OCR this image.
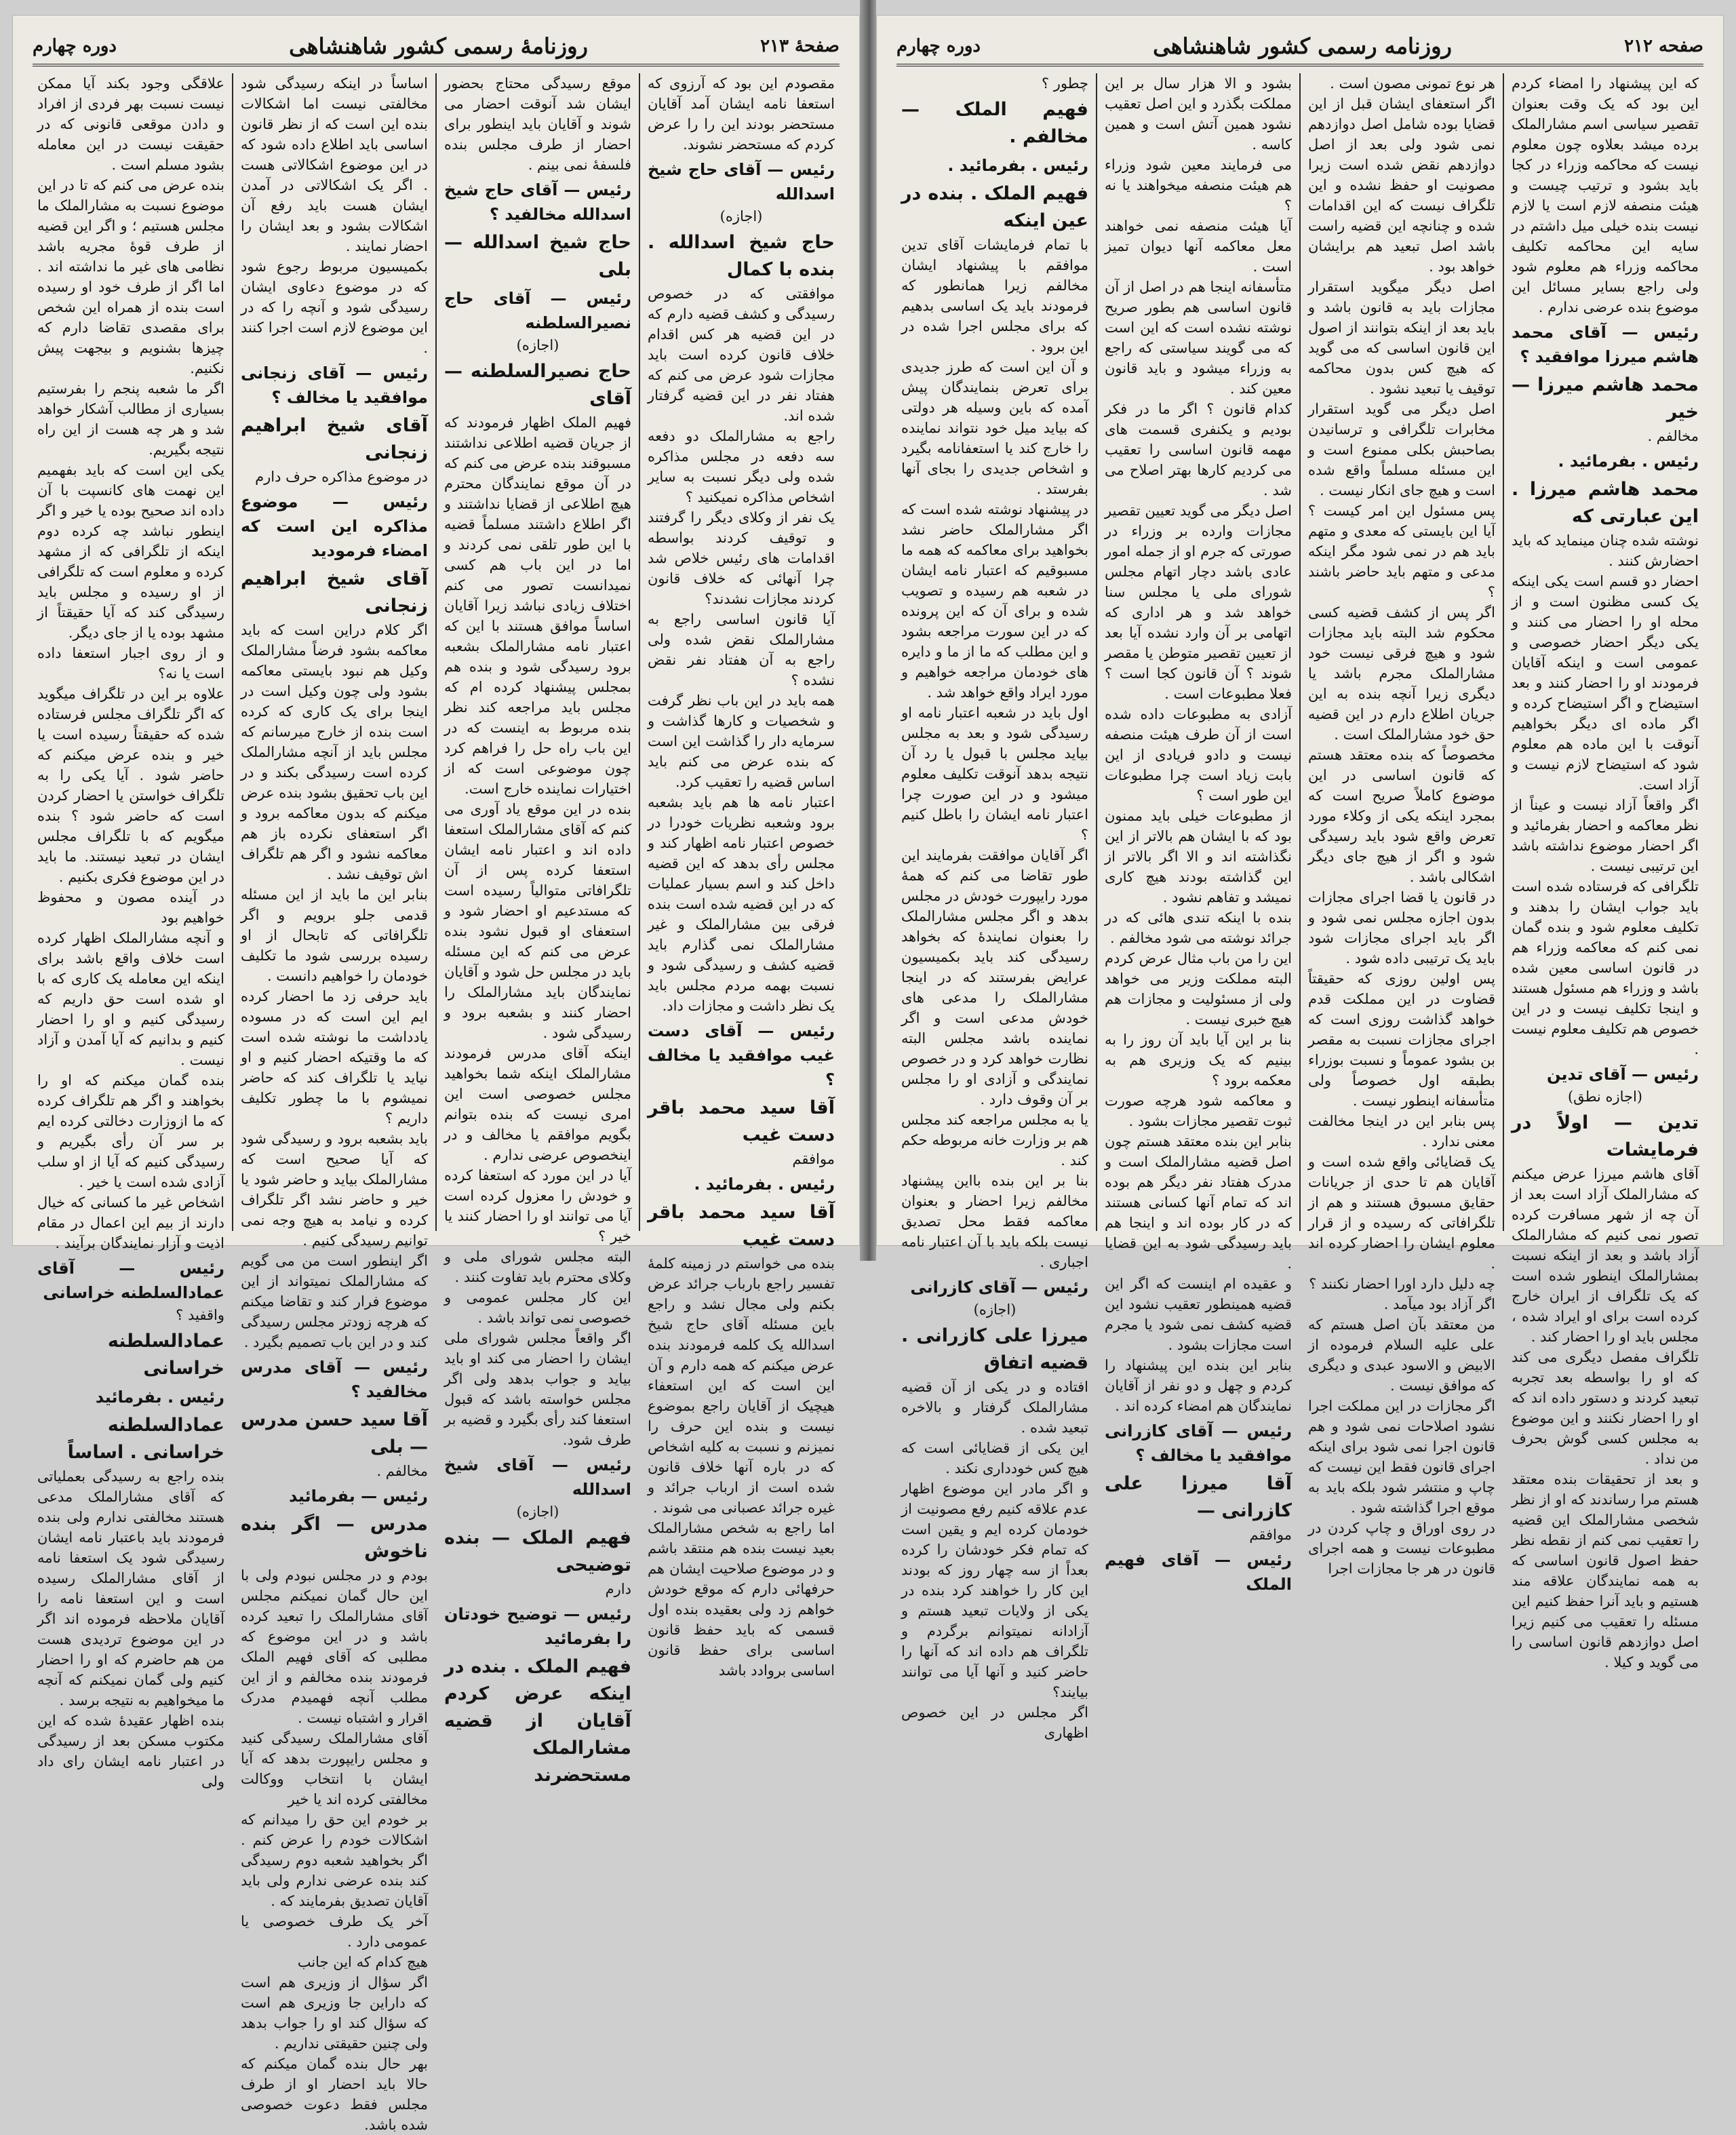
صفحهٔ ۲۱۳
روزنامهٔ رسمی کشور شاهنشاهی
دوره چهارم

مقصودم این بود که آرزوی که استعفا نامه ایشان آمد آقایان مستحضر بودند این را را عرض کردم که مستحضر نشوند.

رئیس — آقای حاج شیخ اسدالله
(اجازه)
حاج شیخ اسدالله . بنده با کمال

موافقتی که در خصوص رسیدگی و کشف قضیه دارم که در این قضیه هر کس اقدام خلاف قانون کرده است باید مجازات شود عرض می کنم که هفتاد نفر در این قضیه گرفتار شده اند.

راجع به مشارالملک دو دفعه سه دفعه در مجلس مذاکره شده ولی دیگر نسبت به سایر اشخاص مذاکره نمیکنید ؟

یک نفر از وکلای دیگر را گرفتند و توقیف کردند بواسطه اقدامات های رئیس خلاص شد چرا آنهائی که خلاف قانون کردند مجازات نشدند؟

آیا قانون اساسی راجع به مشارالملک نقض شده ولی راجع به آن هفتاد نفر نقض نشده ؟

همه باید در این باب نظر گرفت و شخصیات و کارها گذاشت و سرمایه دار را گذاشت این است که بنده عرض می کنم باید اساس قضیه را تعقیب کرد.

اعتبار نامه ها هم باید بشعبه برود وشعبه نظریات خودرا در خصوص اعتبار نامه اظهار کند و مجلس رأی بدهد که این قضیه داخل کند و اسم بسیار عملیات که در این قضیه شده است بنده فرقی بین مشارالملک و غیر مشارالملک نمی گذارم باید قضیه کشف و رسیدگی شود و نسبت بهمه مردم مجلس باید یک نظر داشت و مجازات داد.

رئیس — آقای دست غیب موافقید یا مخالف ؟
آقا سید محمد باقر دست غیب

موافقم

رئیس . بفرمائید .
آقا سید محمد باقر دست غیب

بنده می خواستم در زمینه کلمهٔ تفسیر راجع بارباب جرائد عرض بکنم ولی مجال نشد و راجع باین مسئله آقای حاج شیخ اسدالله یک کلمه فرمودند بنده عرض میکنم که همه دارم و آن این است که این استعفاء هیچیک از آقایان راجع بموضوع نیست و بنده این حرف را نمیزنم و نسبت به کلیه اشخاص که در باره آنها خلاف قانون شده است از ارباب جرائد و غیره جرائد عصبانی می شوند .

اما راجع به شخص مشارالملک بعید نیست بنده هم منتقد باشم و در موضوع صلاحیت ایشان هم حرفهائی دارم که موقع خودش خواهم زد ولی بعقیده بنده اول قسمی که باید حفظ قانون اساسی برای حفظ قانون اساسی بروادد باشد

موقع رسیدگی محتاج بحضور ایشان شد آنوقت احضار می شوند و آقایان باید اینطور برای احضار از طرف مجلس بنده فلسفهٔ نمی بینم .

رئیس — آقای حاج شیخ اسدالله مخالفید ؟
حاج شیخ اسدالله — بلی
رئیس — آقای حاج نصیرالسلطنه
(اجازه)
حاج نصیرالسلطنه — آقای

فهیم الملک اظهار فرمودند که از جریان قضیه اطلاعی نداشتند مسبوقند بنده عرض می کنم که در آن موقع نمایندگان محترم هیچ اطلاعی از قضایا نداشتند و اگر اطلاع داشتند مسلماً قضیه با این طور تلقی نمی کردند و اما در این باب هم کسی نمیدانست تصور می کنم اختلاف زیادی نباشد زیرا آقایان اساساً موافق هستند با این که اعتبار نامه مشارالملک بشعبه برود رسیدگی شود و بنده هم بمجلس پیشنهاد کرده ام که مجلس باید مراجعه کند نظر بنده مربوط به اینست که در این باب راه حل را فراهم کرد چون موضوعی است که از اختیارات نماینده خارج است.

بنده در این موقع یاد آوری می کنم که آقای مشارالملک استعفا داده اند و اعتبار نامه ایشان استعفا کرده پس از آن تلگرافاتی متوالیاً رسیده است که مستدعیم او احضار شود و استعفای او قبول نشود بنده عرض می کنم که این مسئله باید در مجلس حل شود و آقایان نمایندگان باید مشارالملک را احضار کنند و بشعبه برود و رسیدگی شود .

اینکه آقای مدرس فرمودند مشارالملک اینکه شما بخواهید مجلس خصوصی است این امری نیست که بنده بتوانم بگویم موافقم یا مخالف و در اینخصوص عرضی ندارم .

آیا در این مورد که استعفا کرده و خودش را معزول کرده است آیا می توانند او را احضار کنند یا خیر ؟

البته مجلس شورای ملی و وکلای محترم باید تفاوت کنند .

این کار مجلس عمومی و خصوصی نمی تواند باشد .

اگر واقعاً مجلس شورای ملی ایشان را احضار می کند او باید بیاید و جواب بدهد ولی اگر مجلس خواسته باشد که قبول استعفا کند رأی بگیرد و قضیه بر طرف شود.

رئیس — آقای شیخ اسدالله
(اجازه)
فهیم الملک — بنده توضیحی

دارم

رئیس — توضیح خودتان را بفرمائید
فهیم الملک . بنده در اینکه عرض کردم آقایان از قضیه مشارالملک مستحضرند

اساساً در اینکه رسیدگی شود مخالفتی نیست اما اشکالات بنده این است که از نظر قانون اساسی باید اطلاع داده شود که در این موضوع اشکالاتی هست . اگر یک اشکالاتی در آمدن ایشان هست باید رفع آن اشکالات بشود و بعد ایشان را احضار نمایند .

بکمیسیون مربوط رجوع شود که در موضوع دعاوی ایشان رسیدگی شود و آنچه را که در این موضوع لازم است اجرا کنند .

رئیس — آقای زنجانی موافقید یا مخالف ؟
آقای شیخ ابراهیم زنجانی

در موضوع مذاکره حرف دارم

رئیس — موضوع مذاکره این است که امضاء فرمودید
آقای شیخ ابراهیم زنجانی

اگر کلام دراین است که باید معاکمه بشود فرضاً مشارالملک وکیل هم نبود بایستی معاکمه بشود ولی چون وکیل است در اینجا برای یک کاری که کرده است بنده از خارج میرسانم که مجلس باید از آنچه مشارالملک کرده است رسیدگی بکند و در این باب تحقیق بشود بنده عرض میکنم که بدون معاکمه برود و اگر استعفای نکرده باز هم معاکمه نشود و اگر هم تلگراف اش توقیف نشد .

بنابر این ما باید از این مسئله قدمی جلو برویم و اگر تلگرافاتی که تابحال از او رسیده بررسی شود ما تکلیف خودمان را خواهیم دانست .

باید حرفی زد ما احضار کرده ایم این است که در مسوده یادداشت ما نوشته شده است که ما وقتیکه احضار کنیم و او نیاید یا تلگراف کند که حاضر نمیشوم با ما چطور تکلیف داریم ؟

باید بشعبه برود و رسیدگی شود که آیا صحیح است که مشارالملک بیاید و حاضر شود یا خیر و حاضر نشد اگر تلگراف کرده و نیامد به هیچ وجه نمی توانیم رسیدگی کنیم .

اگر اینطور است من می گویم که مشارالملک نمیتواند از این موضوع فرار کند و تقاضا میکنم که هرچه زودتر مجلس رسیدگی کند و در این باب تصمیم بگیرد .

رئیس — آقای مدرس مخالفید ؟
آقا سید حسن مدرس — بلی

مخالفم .

رئیس — بفرمائید
مدرس — اگر بنده ناخوش

بودم و در مجلس نبودم ولی با این حال گمان نمیکنم مجلس آقای مشارالملک را تبعید کرده باشد و در این موضوع که مطلبی که آقای فهیم الملک فرمودند بنده مخالفم و از این مطلب آنچه فهمیدم مدرک اقرار و اشتباه نیست .

آقای مشارالملک رسیدگی کنید و مجلس رایپورت بدهد که آیا ایشان با انتخاب ووکالت مخالفتی کرده اند یا خیر

بر خودم این حق را میدانم که اشکالات خودم را عرض کنم . اگر بخواهید شعبه دوم رسیدگی کند بنده عرضی ندارم ولی باید آقایان تصدیق بفرمایند که .

آخر یک طرف خصوصی یا عمومی دارد .

هیچ کدام که این جانب

اگر سؤال از وزیری هم است که داراین جا وزیری هم است که سؤال کند او را جواب بدهد ولی چنین حقیقتی نداریم .

بهر حال بنده گمان میکنم که حالا باید احضار او از طرف مجلس فقط دعوت خصوصی شده باشد.

علاقگی وجود بکند آیا ممکن نیست نسبت بهر فردی از افراد و دادن موقعی قانونی که در حقیقت نیست در این معامله بشود مسلم است .

بنده عرض می کنم که تا در این موضوع نسبت به مشارالملک ما مجلس هستیم ؛ و اگر این قضیه از طرف قوهٔ مجریه باشد نظامی های غیر ما نداشته اند . اما اگر از طرف خود او رسیده است بنده از همراه این شخص برای مقصدی تقاضا دارم که چیزها بشنویم و بیجهت پیش نکنیم.

اگر ما شعبه پنجم را بفرستیم بسیاری از مطالب آشکار خواهد شد و هر چه هست از این راه نتیجه بگیریم.

یکی این است که باید بفهمیم این نهمت های کانسپت با آن داده اند صحیح بوده یا خیر و اگر اینطور نباشد چه کرده دوم اینکه از تلگرافی که از مشهد کرده و معلوم است که تلگرافی از او رسیده و مجلس باید رسیدگی کند که آیا حقیقتاً از مشهد بوده یا از جای دیگر.

و از روی اجبار استعفا داده است یا نه؟

علاوه بر این در تلگراف میگوید که اگر تلگراف مجلس فرستاده شده که حقیقتاً رسیده است یا خیر و بنده عرض میکنم که حاضر شود . آیا یکی را به تلگراف خواستن یا احضار کردن است که حاضر شود ؟ بنده میگویم که با تلگراف مجلس ایشان در تبعید نیستند. ما باید در این موضوع فکری بکنیم .

در آینده مصون و محفوظ خواهیم بود

و آنچه مشارالملک اظهار کرده است خلاف واقع باشد برای اینکه این معامله یک کاری که با او شده است حق داریم که رسیدگی کنیم و او را احضار کنیم و بدانیم که آیا آمدن و آزاد نیست .

بنده گمان میکنم که او را بخواهند و اگر هم تلگراف کرده که ما ازوزارت دخالتی کرده ایم بر سر آن رأی بگیریم و رسیدگی کنیم که آیا از او سلب آزادی شده است یا خیر .

اشخاص غیر ما کسانی که خیال دارند از بیم این اعمال در مقام اذیت و آزار نمایندگان برآیند .

رئیس — آقای عمادالسلطنه خراسانی

واقفید ؟

عمادالسلطنه خراسانی
رئیس . بفرمائید
عمادالسلطنه خراسانی . اساساً

بنده راجع به رسیدگی بعملیاتی که آقای مشارالملک مدعی هستند مخالفتی ندارم ولی بنده فرمودند باید باعتبار نامه ایشان رسیدگی شود یک استعفا نامه از آقای مشارالملک رسیده است و این استعفا نامه را آقایان ملاحظه فرموده اند اگر در این موضوع تردیدی هست من هم حاضرم که او را احضار کنیم ولی گمان نمیکنم که آنچه ما میخواهیم به نتیجه برسد .

بنده اظهار عقیدهٔ شده که این مکتوب مسکن بعد از رسیدگی در اعتبار نامه ایشان رای داد ولی

صفحه ۲۱۲
روزنامه رسمی کشور شاهنشاهی
دوره چهارم

که این پیشنهاد را امضاء کردم این بود که یک وقت بعنوان تقصیر سیاسی اسم مشارالملک برده میشد بعلاوه چون معلوم نیست که محاکمه وزراء در کجا باید بشود و ترتیب چیست و هیئت منصفه لازم است یا لازم نیست بنده خیلی میل داشتم در سایه این محاکمه تکلیف محاکمه وزراء هم معلوم شود ولی راجع بسایر مسائل این موضوع بنده عرضی ندارم .

رئیس — آقای محمد هاشم میرزا موافقید ؟
محمد هاشم میرزا — خیر

مخالفم .

رئیس . بفرمائید .
محمد هاشم میرزا . این عبارتی که

نوشته شده چنان مینماید که باید احضارش کنند .

احضار دو قسم است یکی اینکه یک کسی مظنون است و از محله او را احضار می کنند و یکی دیگر احضار خصوصی و عمومی است و اینکه آقایان فرمودند او را احضار کنند و بعد استیضاح و اگر استیضاح کرده و اگر ماده ای دیگر بخواهیم آنوقت با این ماده هم معلوم شود که استیضاح لازم نیست و آزاد است.

اگر واقعاً آزاد نیست و عیناً از نظر معاکمه و احضار بفرمائید و اگر احضار موضوع نداشته باشد این ترتیبی نیست .

تلگرافی که فرستاده شده است باید جواب ایشان را بدهند و تکلیف معلوم شود و بنده گمان نمی کنم که معاکمه وزراء هم در قانون اساسی معین شده باشد و وزراء هم مسئول هستند و اینجا تکلیف نیست و در این خصوص هم تکلیف معلوم نیست .

رئیس — آقای تدین
(اجازه نطق)
تدین — اولاً در فرمایشات

آقای هاشم میرزا عرض میکنم که مشارالملک آزاد است بعد از آن چه از شهر مسافرت کرده تصور نمی کنیم که مشارالملک آزاد باشد و بعد از اینکه نسبت بمشارالملک اینطور شده است که یک تلگراف از ایران خارج کرده است برای او ایراد شده ، مجلس باید او را احضار کند .

تلگراف مفصل دیگری می کند که او را بواسطه بعد تجربه تبعید کردند و دستور داده اند که او را احضار نکنند و این موضوع به مجلس کسی گوش بحرف من نداد .

و بعد از تحقیقات بنده معتقد هستم مرا رساندند که او از نظر شخصی مشارالملک این قضیه را تعقیب نمی کنم از نقطه نظر حفظ اصول قانون اساسی که به همه نمایندگان علاقه مند هستیم و باید آنرا حفظ کنیم این مسئله را تعقیب می کنیم زیرا اصل دوازدهم قانون اساسی را می گوید و کیلا .

هر نوع تمونی مصون است .

اگر استعفای ایشان قبل از این قضایا بوده شامل اصل دوازدهم نمی شود ولی بعد از اصل دوازدهم نقض شده است زیرا مصونیت او حفظ نشده و این تلگراف نیست که این اقدامات شده و چنانچه این قضیه راست باشد اصل تبعید هم برایشان خواهد بود .

اصل دیگر میگوید استقرار مجازات باید به قانون باشد و باید بعد از اینکه بتوانند از اصول این قانون اساسی که می گوید که هیچ کس بدون محاکمه توقیف یا تبعید نشود .

اصل دیگر می گوید استقرار مخابرات تلگرافی و ترسانیدن بصاحبش بکلی ممنوع است و این مسئله مسلماً واقع شده است و هیچ جای انکار نیست .

پس مسئول این امر کیست ؟ آیا این بایستی که معدی و متهم باید هم در نمی شود مگر اینکه مدعی و متهم باید حاضر باشند ؟

اگر پس از کشف قضیه کسی محکوم شد البته باید مجازات شود و هیچ فرقی نیست خود مشارالملک مجرم باشد یا دیگری زیرا آنچه بنده به این جریان اطلاع دارم در این قضیه حق خود مشارالملک است .

مخصوصاً که بنده معتقد هستم که قانون اساسی در این موضوع کاملاً صریح است که بمجرد اینکه یکی از وکلاء مورد تعرض واقع شود باید رسیدگی شود و اگر از هیچ جای دیگر اشکالی باشد .

در قانون یا قضا اجرای مجازات بدون اجازه مجلس نمی شود و اگر باید اجرای مجازات شود باید یک ترتیبی داده شود .

پس اولین روزی که حقیقتاً قضاوت در این مملکت قدم خواهد گذاشت روزی است که اجرای مجازات نسبت به مقصر بن بشود عموماً و نسبت بوزراء بطبقه اول خصوصاً ولی متأسفانه اینطور نیست .

پس بنابر این در اینجا مخالفت معنی ندارد .

یک قضایائی واقع شده است و آقایان هم تا حدی از جریانات حقایق مسبوق هستند و هم از تلگرافاتی که رسیده و از قرار معلوم ایشان را احضار کرده اند .

چه دلیل دارد اورا احضار نکنند ؟

اگر آزاد بود میآمد .

من معتقد بآن اصل هستم که علی علیه السلام فرموده از الابیض و الاسود عبدی و دیگری که موافق نیست .

اگر مجازات در این مملکت اجرا نشود اصلاحات نمی شود و هم قانون اجرا نمی شود برای اینکه اجرای قانون فقط این نیست که چاپ و منتشر شود بلکه باید به موقع اجرا گذاشته شود .

در روی اوراق و چاپ کردن در مطبوعات نیست و همه اجرای قانون در هر جا مجازات اجرا

بشود و الا هزار سال بر این مملکت بگذرد و این اصل تعقیب نشود همین آتش است و همین کاسه .

می فرمایند معین شود وزراء هم هیئت منصفه میخواهند یا نه ؟

آیا هیئت منصفه نمی خواهند معل معاکمه آنها دیوان تمیز است .

متأسفانه اینجا هم در اصل از آن قانون اساسی هم بطور صریح نوشته نشده است که این است که می گویند سیاستی که راجع به وزراء میشود و باید قانون معین کند .

کدام قانون ؟ اگر ما در فکر بودیم و یکنفری قسمت های مهمه قانون اساسی را تعقیب می کردیم کارها بهتر اصلاح می شد .

اصل دیگر می گوید تعیین تقصیر مجازات وارده بر وزراء در صورتی که جرم او از جمله امور عادی باشد دچار اتهام مجلس شورای ملی یا مجلس سنا خواهد شد و هر اداری که اتهامی بر آن وارد نشده آیا بعد از تعیین تقصیر متوطن یا مقصر شوند ؟ آن قانون کجا است ؟ فعلا مطبوعات است .

آزادی به مطبوعات داده شده است از آن طرف هیئت منصفه نیست و دادو فریادی از این بابت زیاد است چرا مطبوعات این طور است ؟

از مطبوعات خیلی باید ممنون بود که با ایشان هم بالاتر از این نگذاشته اند و الا اگر بالاتر از این گذاشته بودند هیچ کاری نمیشد و تفاهم نشود .

بنده با اینکه تندی هائی که در جرائد نوشته می شود مخالفم .

این را من باب مثال عرض کردم البته مملکت وزیر می خواهد ولی از مسئولیت و مجازات هم هیچ خبری نیست .

بنا بر این آیا باید آن روز را به بینیم که یک وزیری هم به معکمه برود ؟

و معاکمه شود هرچه صورت ثبوت تقصیر مجازات بشود .

بنابر این بنده معتقد هستم چون اصل قضیه مشارالملک است و مدرک هفتاد نفر دیگر هم بوده اند که تمام آنها کسانی هستند که در کار بوده اند و اینجا هم باید رسیدگی شود به این قضایا .

و عقیده ام اینست که اگر این قضیه همینطور تعقیب نشود این قضیه کشف نمی شود یا مجرم است مجازات بشود .

بنابر این بنده این پیشنهاد را کردم و چهل و دو نفر از آقایان نمایندگان هم امضاء کرده اند .

رئیس — آقای کازرانی موافقید یا مخالف ؟
آقا میرزا علی کازرانی —

موافقم

رئیس — آقای فهیم الملک

چطور ؟

فهیم الملک — مخالفم .
رئیس . بفرمائید .
فهیم الملک . بنده در عین اینکه

با تمام فرمایشات آقای تدین موافقم با پیشنهاد ایشان مخالفم زیرا همانطور که فرمودند باید یک اساسی بدهیم که برای مجلس اجرا شده در این برود .

و آن این است که طرز جدیدی برای تعرض بنمایندگان پیش آمده که باین وسیله هر دولتی که بیاید میل خود نتواند نماینده را خارج کند یا استعفانامه بگیرد و اشخاص جدیدی را بجای آنها بفرستد .

در پیشنهاد نوشته شده است که اگر مشارالملک حاضر نشد بخواهید برای معاکمه که همه ما مسبوقیم که اعتبار نامه ایشان در شعبه هم رسیده و تصویب شده و برای آن که این پرونده که در این سورت مراجعه بشود و این مطلب که ما از ما و دایره های خودمان مراجعه خواهیم و مورد ایراد واقع خواهد شد .

اول باید در شعبه اعتبار نامه او رسیدگی شود و بعد به مجلس بیاید مجلس با قبول یا رد آن نتیجه بدهد آنوقت تکلیف معلوم میشود و در این صورت چرا اعتبار نامه ایشان را باطل کنیم ؟

اگر آقایان موافقت بفرمایند این طور تقاضا می کنم که همهٔ مورد رایپورت خودش در مجلس بدهد و اگر مجلس مشارالملک را بعنوان نمایندهٔ که بخواهد رسیدگی کند باید بکمیسیون عرایض بفرستند که در اینجا مشارالملک را مدعی های خودش مدعی است و اگر نماینده باشد مجلس البته نظارت خواهد کرد و در خصوص نمایندگی و آزادی او را مجلس بر آن وقوف دارد .

یا به مجلس مراجعه کند مجلس هم بر وزارت خانه مربوطه حکم کند .

بنا بر این بنده بااین پیشنهاد مخالفم زیرا احضار و بعنوان معاکمه فقط محل تصدیق نیست بلکه باید با آن اعتبار نامه اجباری .

رئیس — آقای کازرانی
(اجازه)
میرزا علی کازرانی . قضیه اتفاق

افتاده و در یکی از آن قضیه مشارالملک گرفتار و بالاخره تبعید شده .

این یکی از قضایائی است که هیچ کس خودداری نکند .

و اگر مادر این موضوع اظهار عدم علاقه کنیم رفع مصونیت از خودمان کرده ایم و یقین است که تمام فکر خودشان را کرده بعداً از سه چهار روز که بودند این کار را خواهند کرد بنده در یکی از ولایات تبعید هستم و آزادانه نمیتوانم برگردم و تلگراف هم داده اند که آنها را حاضر کنید و آنها آیا می توانند بیایند؟

اگر مجلس در این خصوص اظهاری
